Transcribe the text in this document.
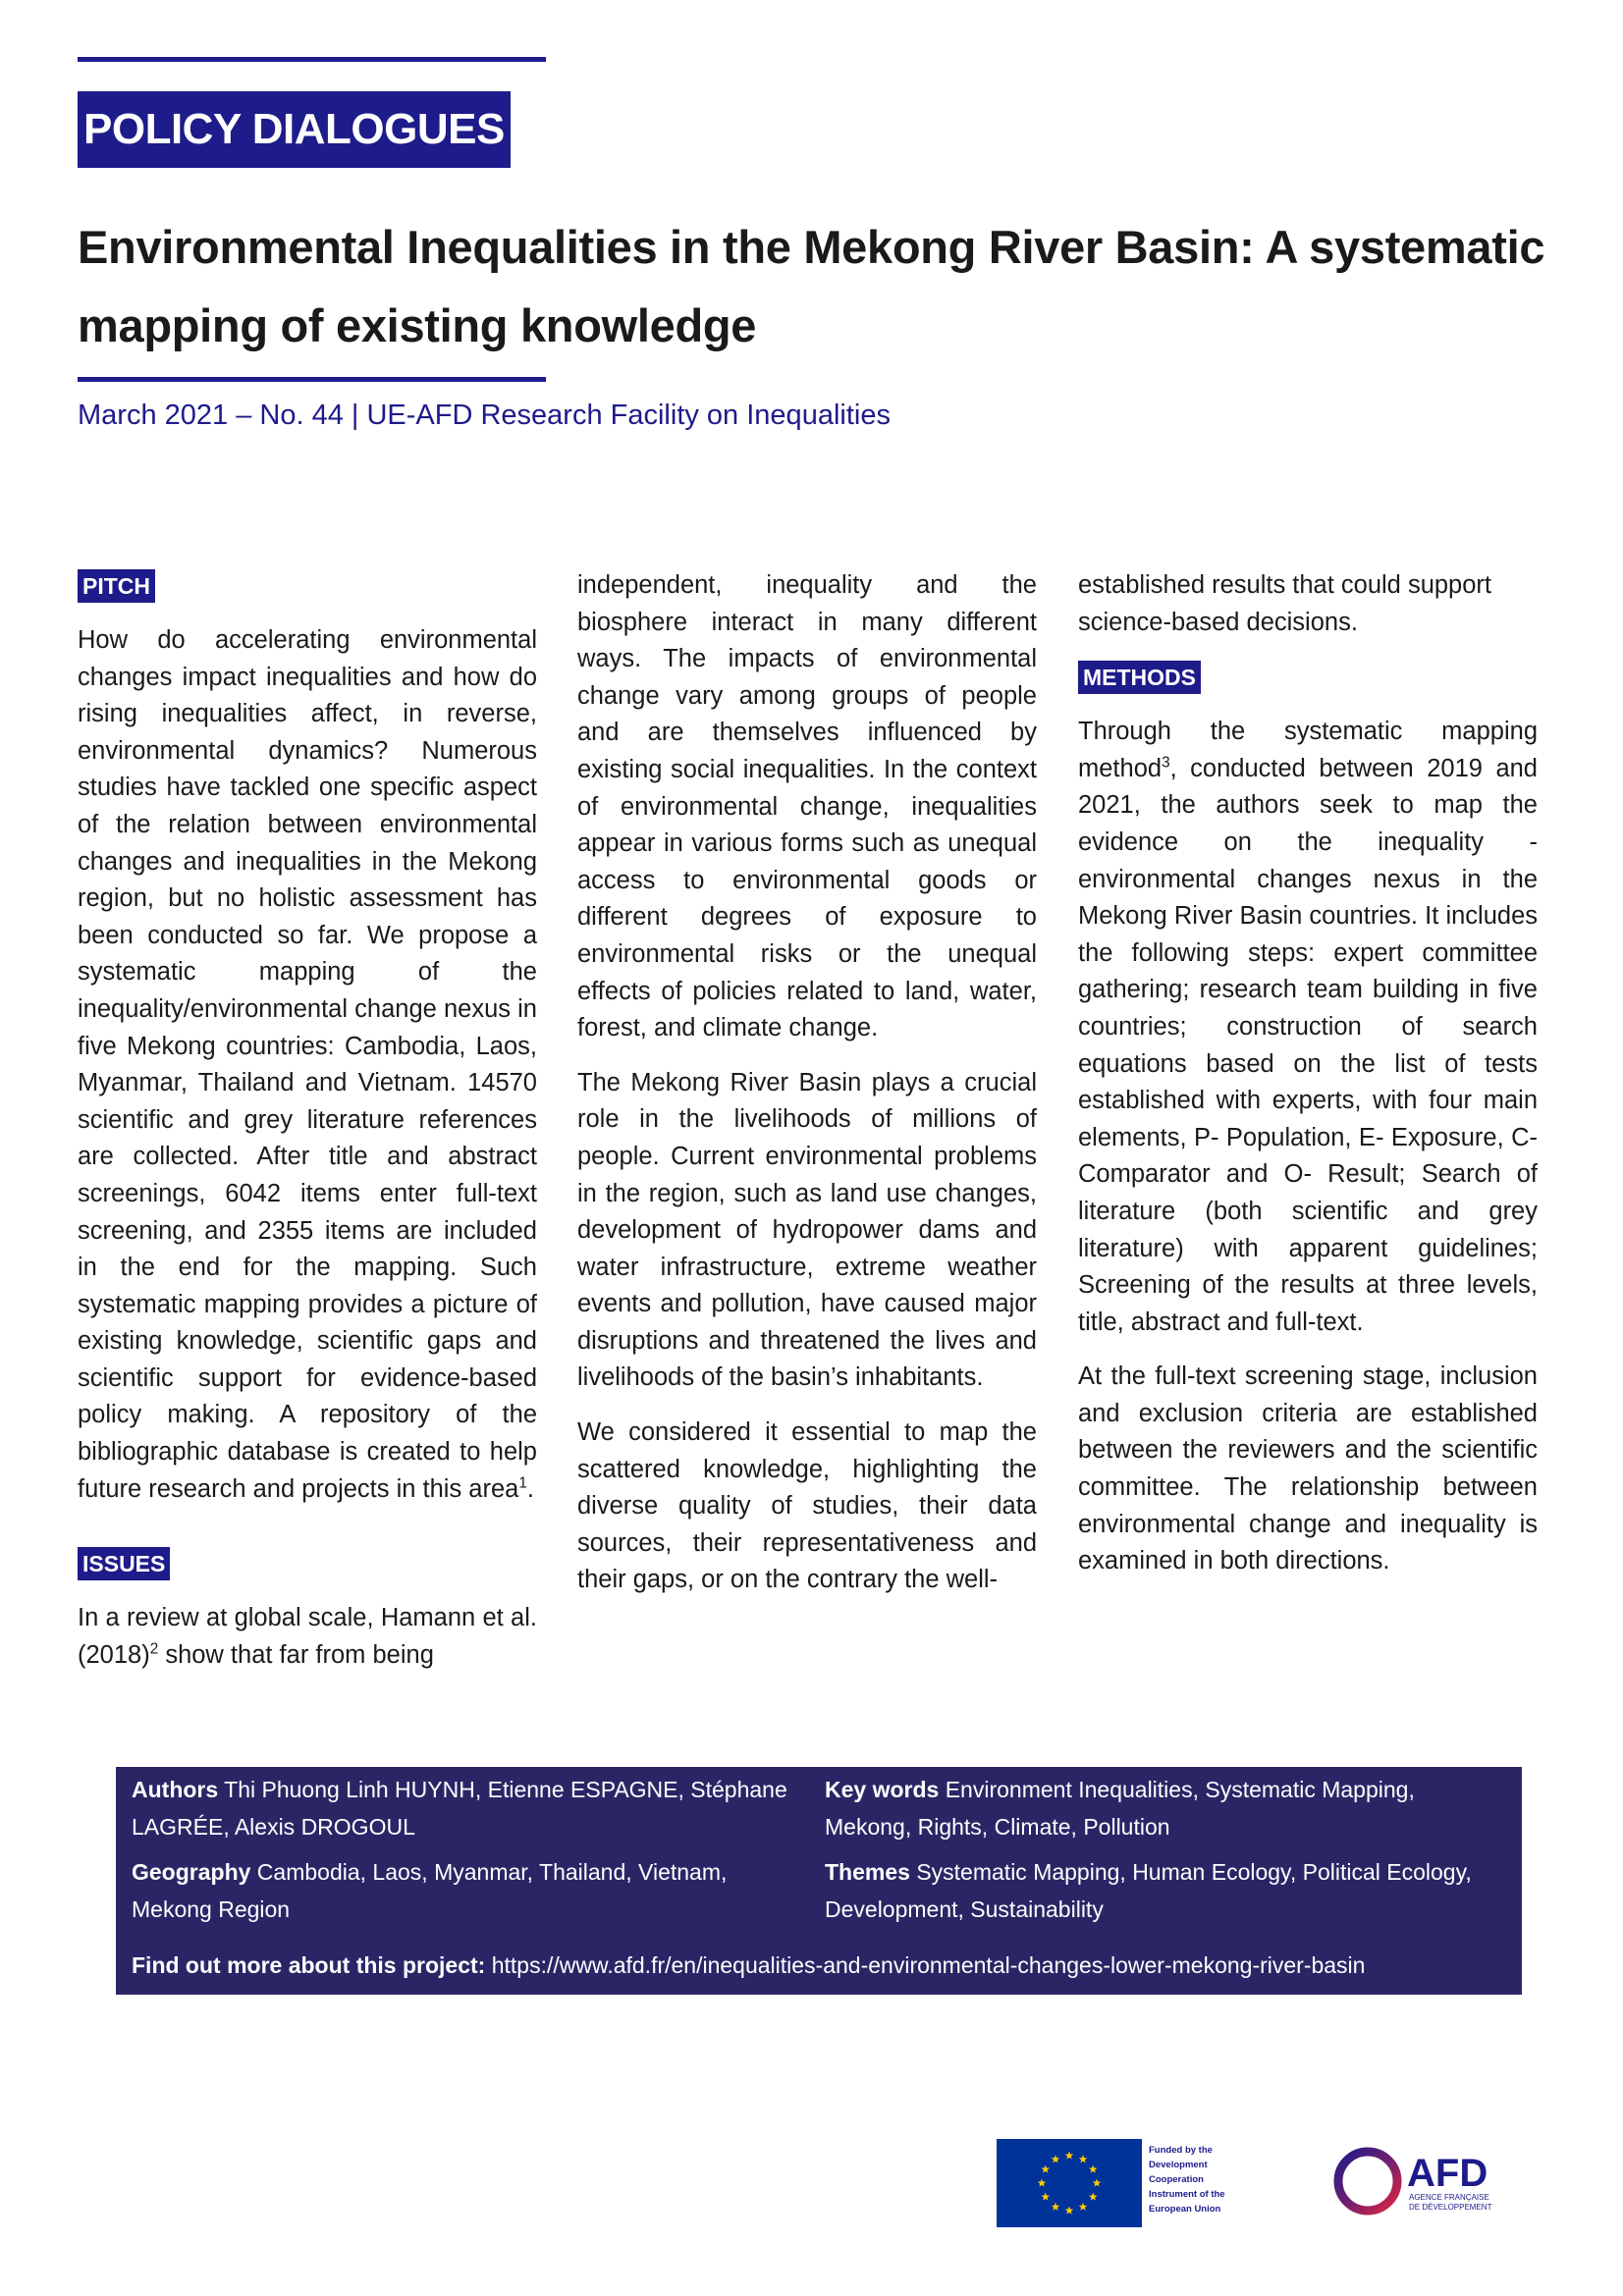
POLICY DIALOGUES
Environmental Inequalities in the Mekong River Basin: A systematic mapping of existing knowledge
March 2021 – No. 44 | UE-AFD Research Facility on Inequalities
PITCH

How do accelerating environmental changes impact inequalities and how do rising inequalities affect, in reverse, environmental dynamics? Numerous studies have tackled one specific aspect of the relation between environmental changes and inequalities in the Mekong region, but no holistic assessment has been conducted so far. We propose a systematic mapping of the inequality/environmental change nexus in five Mekong countries: Cambodia, Laos, Myanmar, Thailand and Vietnam. 14570 scientific and grey literature references are collected. After title and abstract screenings, 6042 items enter full-text screening, and 2355 items are included in the end for the mapping. Such systematic mapping provides a picture of existing knowledge, scientific gaps and scientific support for evidence-based policy making. A repository of the bibliographic database is created to help future research and projects in this area$^1$.

ISSUES

In a review at global scale, Hamann et al. $(2018)^2$ show that far from being

independent, inequality and the biosphere interact in many different ways. The impacts of environmental change vary among groups of people and are themselves influenced by existing social inequalities. In the context of environmental change, inequalities appear in various forms such as unequal access to environmental goods or different degrees of exposure to environmental risks or the unequal effects of policies related to land, water, forest, and climate change.

The Mekong River Basin plays a crucial role in the livelihoods of millions of people. Current environmental problems in the region, such as land use changes, development of hydropower dams and water infrastructure, extreme weather events and pollution, have caused major disruptions and threatened the lives and livelihoods of the basin’s inhabitants.

We considered it essential to map the scattered knowledge, highlighting the diverse quality of studies, their data sources, their representativeness and their gaps, or on the contrary the well-

established results that could support science-based decisions.

METHODS

Through the systematic mapping method$^3$, conducted between 2019 and 2021, the authors seek to map the evidence on the inequality - environmental changes nexus in the Mekong River Basin countries. It includes the following steps: expert committee gathering; research team building in five countries; construction of search equations based on the list of tests established with experts, with four main elements, P- Population, E- Exposure, C- Comparator and O- Result; Search of literature (both scientific and grey literature) with apparent guidelines; Screening of the results at three levels, title, abstract and full-text.

At the full-text screening stage, inclusion and exclusion criteria are established between the reviewers and the scientific committee. The relationship between environmental change and inequality is examined in both directions.

Authors Thi Phuong Linh HUYNH, Etienne ESPAGNE, Stéphane LAGRÉE, Alexis DROGOUL
Geography Cambodia, Laos, Myanmar, Thailand, Vietnam, Mekong Region
Key words Environment Inequalities, Systematic Mapping, Mekong, Rights, Climate, Pollution
Themes Systematic Mapping, Human Ecology, Political Ecology, Development, Sustainability
Find out more about this project: https://www.afd.fr/en/inequalities-and-environmental-changes-lower-mekong-river-basin
Funded by the
Development
Cooperation
Instrument of the
European Union
AFD
AGENCE FRANÇAISE
DE DÉVELOPPEMENT
